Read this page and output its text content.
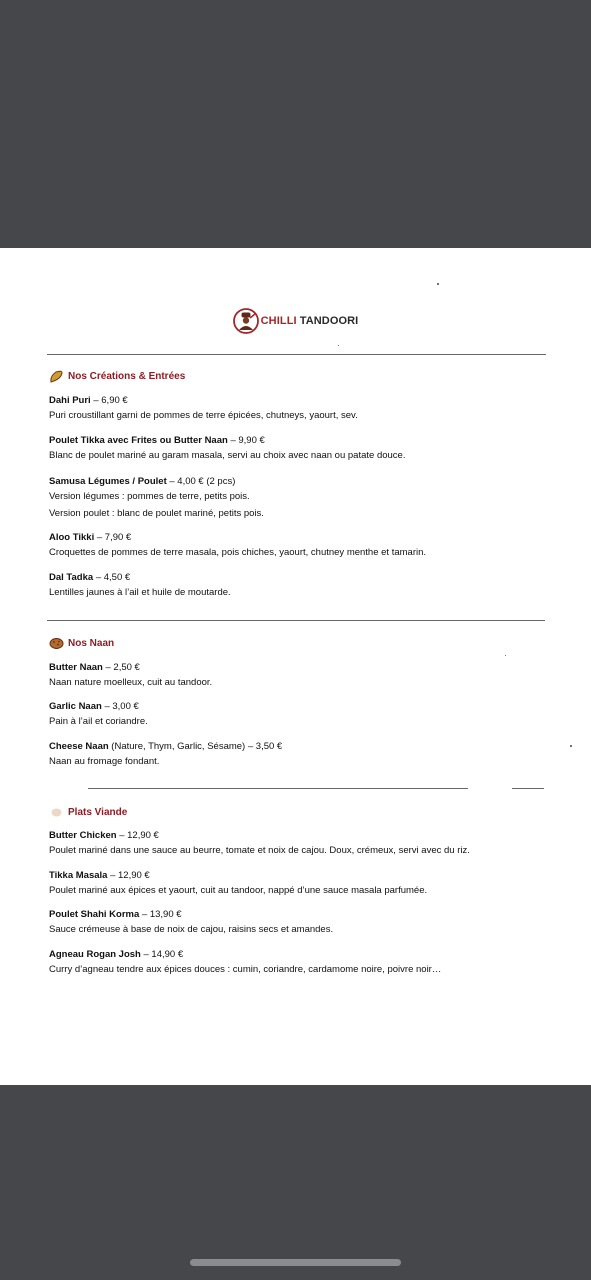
CHILLI TANDOORI
Nos Créations & Entrées
Dahi Puri – 6,90 €
Puri croustillant garni de pommes de terre épicées, chutneys, yaourt, sev.
Poulet Tikka avec Frites ou Butter Naan – 9,90 €
Blanc de poulet mariné au garam masala, servi au choix avec naan ou patate douce.
Samusa Légumes / Poulet – 4,00 € (2 pcs)
Version légumes : pommes de terre, petits pois.
Version poulet : blanc de poulet mariné, petits pois.
Aloo Tikki – 7,90 €
Croquettes de pommes de terre masala, pois chiches, yaourt, chutney menthe et tamarin.
Dal Tadka – 4,50 €
Lentilles jaunes à l’ail et huile de moutarde.
Nos Naan
Butter Naan – 2,50 €
Naan nature moelleux, cuit au tandoor.
Garlic Naan – 3,00 €
Pain à l’ail et coriandre.
Cheese Naan (Nature, Thym, Garlic, Sésame) – 3,50 €
Naan au fromage fondant.
Plats Viande
Butter Chicken – 12,90 €
Poulet mariné dans une sauce au beurre, tomate et noix de cajou. Doux, crémeux, servi avec du riz.
Tikka Masala – 12,90 €
Poulet mariné aux épices et yaourt, cuit au tandoor, nappé d’une sauce masala parfumée.
Poulet Shahi Korma – 13,90 €
Sauce crémeuse à base de noix de cajou, raisins secs et amandes.
Agneau Rogan Josh – 14,90 €
Curry d’agneau tendre aux épices douces : cumin, coriandre, cardamome noire, poivre noir…
